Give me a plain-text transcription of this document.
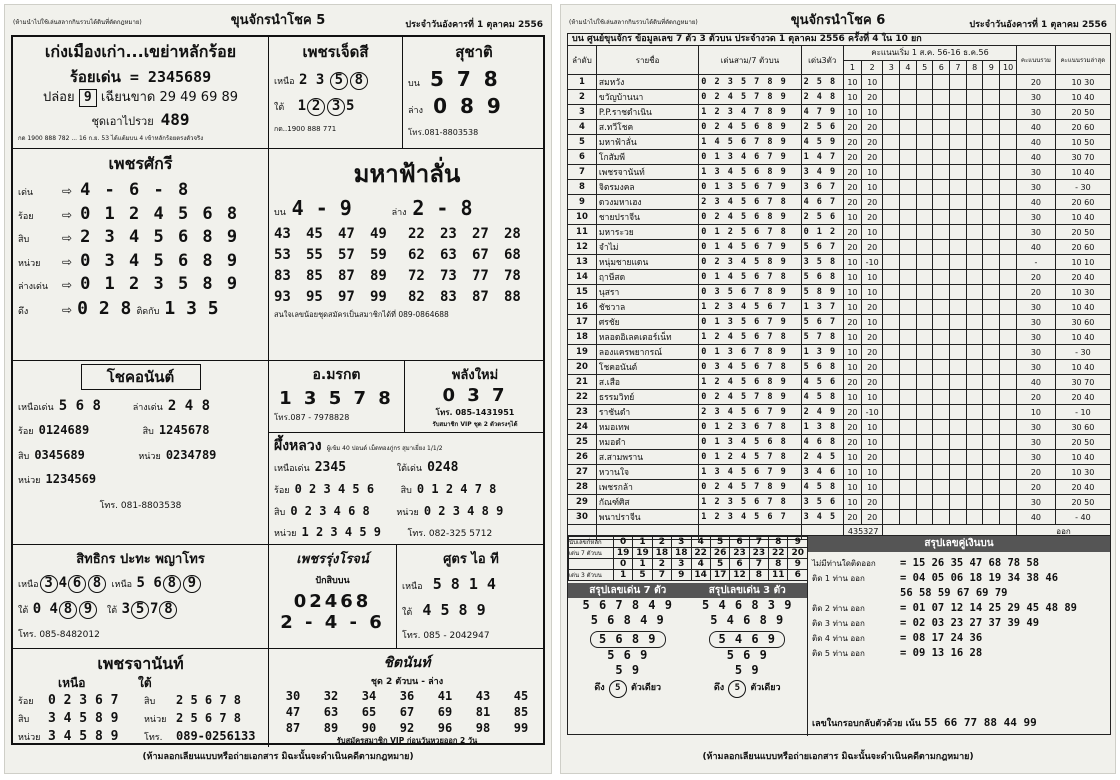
(ห้ามนำไปใช้เล่นสลากกินรวบได้ดินที่ตัดกฎหมาย)	ขุนจักรนำโชค 5	ประจำวันอังคารที่ 1 ตุลาคม 2556
เก่งเมืองเก่า...เขย่าหลักร้อย
ร้อยเด่น = 2345689
ปล่อย
9
เฉียนขาด 29 49 69 89
ชุดเอาไปรวย
489
กด 1900 888 782 ... 16 ก.ย. 53 ได้แต้มบน 4 เข้าหลักร้อยตรงตัวจริง
เพชรเจ็ดสี
เหนือ
2 3
5 8
ใต้
1 2 3 5
กด..1900 888 771
สุชาติ
บน
5 7 8
ล่าง
0 8 9
โทร.081-8803538
เพชรศักรี
เด่น	⇨ 4 - 6 - 8
ร้อย	⇨ 0 1 2 4 5 6 8
สิบ	⇨ 2 3 4 5 6 8 9
หน่วย	⇨ 0 3 4 5 6 8 9
ล่างเด่น	⇨ 0 1 2 3 5 8 9
ดึง	⇨
0 2 8
ติดกับ
1 3 5
มหาฟ้าลั่น
บน
4 - 9	ล่าง
2 - 8
43	45	47	49	22	23	27	28
53	55	57	59	62	63	67	68
83	85	87	89	72	73	77	78
93	95	97	99	82	83	87	88
สนใจเลขน้อยชุดสมัครเป็นสมาชิกได้ที่ 089-0864688
โชคอนันต์
เหนือเด่น
5 6 8	ล่างเด่น
2 4 8
ร้อย
0124689	สิบ
1245678
สิบ
0345689	หน่วย
0234789
หน่วย
1234569
โทร. 081-8803538
อ.มรกต
1 3 5 7 8
โทร.087 - 7978828
พลังใหม่
0 3 7
โทร. 085-1431951
รับสมาชิก VIP ชุด 2 ตัวตรงๆได้
ผึ้งหลวง
ผู้เข้ม 40 ปอนด์ เม็ดทองภู่กร สุมาเยี่ยง 1/1/2
เหนือเด่น
2345	ใต้เด่น
0248
ร้อย
0 2 3 4 5 6	สิบ
0 1 2 4 7 8
สิบ
0 2 3 4 6 8	หน่วย
0 2 3 4 8 9
หน่วย
1 2 3 4 5 9	โทร. 082-325 5712
สิทธิกร ปะทะ พญาโทร
เหนือ 3 4 6 8
	เหนือ
5 6 8 9
ใต้
0 4 8 9
	ใต้
3 5 7 8
โทร. 085-8482012
เพชรรุ่งโรจน์
ปักสิบบน
02468
2 - 4 - 6
ศูตร ไอ ที
เหนือ
5 8 1 4
ใต้
4 5 8 9
โทร. 085 - 2042947
เพชรจานันท์
เหนือ	ใต้
ร้อย	0 2 3 6 7	สิบ	2 5 6 7 8
สิบ	3 4 5 8 9	หน่วย 2 5 6 7 8
หน่วย 3 4 5 8 9	โทร.	089-0256133
ชิตนันท์
ชุด 2 ตัวบน - ล่าง
30 32 34 36 41 43 45
47 63 65 67 69 81 85
87 89 90 92 96 98 99
รับสมัครสมาชิก VIP ก่อนวันหวยออก 2 วัน
(ห้ามลอกเลียนแบบหรือถ่ายเอกสาร มิฉะนั้นจะดำเนินคดีตามกฎหมาย)
(ห้ามนำไปใช้เล่นสลากกินรวบได้ดินที่ตัดกฎหมาย)	ขุนจักรนำโชค 6	ประจำวันอังคารที่ 1 ตุลาคม 2556
บน ศูนย์ขุนจักร ข้อมูลเลข 7 ตัว 3 ตัวบน ประจำงวด 1 ตุลาคม 2556 ครั้งที่ 4 ใน 10 ยก
ลำดับ	รายชื่อ	เด่นสาม/7 ตัวบน	เด่น3ตัว	คะแนนเริ่ม 1 ส.ค. 56-16 ธ.ค.56										คะแนนรวม	คะแนนรวมล่าสุด
				1	2	3	4	5	6	7	8	9	10		
1	สมหวัง	0 2 3 5 7 8 9	2 5 8	10	10									20	10 30
2	ขวัญบ้านนา	0 2 4 5 7 8 9	2 4 8	10	20									30	10 40
3	P.P.ราชดำเนิน	1 2 3 4 7 8 9	4 7 9	10	10									30	20 50
4	ส.ทวีโชค	0 2 4 5 6 8 9	2 5 6	20	20									40	20 60
5	มหาฟ้าลั่น	1 4 5 6 7 8 9	4 5 9	20	20									40	10 50
6	โกสัมพี	0 1 3 4 6 7 9	1 4 7	20	20									40	30 70
7	เพชรจานันท์	1 3 4 5 6 8 9	3 4 9	20	10									30	10 40
8	จิตรมงคล	0 1 3 5 6 7 9	3 6 7	20	10									30	- 30
9	ดวงมหาเฮง	2 3 4 5 6 7 8	4 6 7	20	20									40	20 60
10	ชายปราจีน	0 2 4 5 6 8 9	2 5 6	10	20									30	10 40
11	มหาระวย	0 1 2 5 6 7 8	0 1 2	20	10									30	20 50
12	จำไม่	0 1 4 5 6 7 9	5 6 7	20	20									40	20 60
13	หนุ่มชายแดน	0 2 3 4 5 8 9	3 5 8	10	-10									-	10 10
14	ฤาษีสด	0 1 4 5 6 7 8	5 6 8	10	10									20	20 40
15	นุสรา	0 3 5 6 7 8 9	5 8 9	10	10									20	10 30
16	ชัชวาล	1 2 3 4 5 6 7	1 3 7	10	20									30	10 40
17	ศรชัย	0 1 3 5 6 7 9	5 6 7	20	10									30	30 60
18	หลอดอิเลคเตอร์เน็ท	1 2 4 5 6 7 8	5 7 8	10	20									30	10 40
19	ลองแครพยากรณ์	0 1 3 6 7 8 9	1 3 9	10	20									30	- 30
20	โชคอนันต์	0 3 4 5 6 7 8	5 6 8	10	20									30	10 40
21	ส.เสือ	1 2 4 5 6 8 9	4 5 6	20	20									40	30 70
22	ธรรมวิทย์	0 2 4 5 7 8 9	4 5 8	10	10									20	20 40
23	ราชันดำ	2 3 4 5 6 7 9	2 4 9	20	-10									10	- 10
24	หมอเทพ	0 1 2 3 6 7 8	1 3 8	20	10									30	30 60
25	หมอดำ	0 1 3 4 5 6 8	4 6 8	20	10									30	20 50
26	ส.สามพราน	0 1 2 4 5 7 8	2 4 5	10	20									30	10 40
27	หวานใจ	1 3 4 5 6 7 9	3 4 6	10	10									20	10 30
28	เพชรกล้า	0 2 4 5 7 8 9	4 5 8	10	10									20	20 40
29	กัณฑ์ศิส	1 2 3 5 6 7 8	3 5 6	10	20									30	20 50
30	พนาปราจีน	1 2 3 4 5 6 7	3 4 5	20	20									40	- 40
				435327										ออก	
นับเลขกี่หลัก	0	1	2	3	4	5	6	7	8	9
เด่น 7 ตัวบน	19	19	18	18	22	26	23	23	22	20
	0	1	2	3	4	5	6	7	8	9
เด่น 3 ตัวบน	1	5	7	9	14	17	12	8	11	6
สรุปเลขเด่น 7 ตัว	สรุปเลขเด่น 3 ตัว
5 6 7 8 4 9
5 6 8 4 9
5 6 8 9
5 6 9
5 9
5 4 6 8 3 9
5 4 6 8 9
5 4 6 9
5 6 9
5 9
ดึง 5 ตัวเดียว	ดึง 5 ตัวเดียว
สรุปเลขคู่เงินบน
ไม่มีท่านใดติดออก	= 15 26 35 47 68 78 58
ติด 1 ท่าน ออก	= 04 05 06 18 19 34 38 46
56 58 59 67 69 79
ติด 2 ท่าน ออก	= 01 07 12 14 25 29 45 48 89
ติด 3 ท่าน ออก	= 02 03 23 27 37 39 49
ติด 4 ท่าน ออก	= 08 17 24 36
ติด 5 ท่าน ออก	= 09 13 16 28
เลขในกรอบกลับตัวด้วย เน้น 55 66 77 88 44 99
(ห้ามลอกเลียนแบบหรือถ่ายเอกสาร มิฉะนั้นจะดำเนินคดีตามกฎหมาย)
